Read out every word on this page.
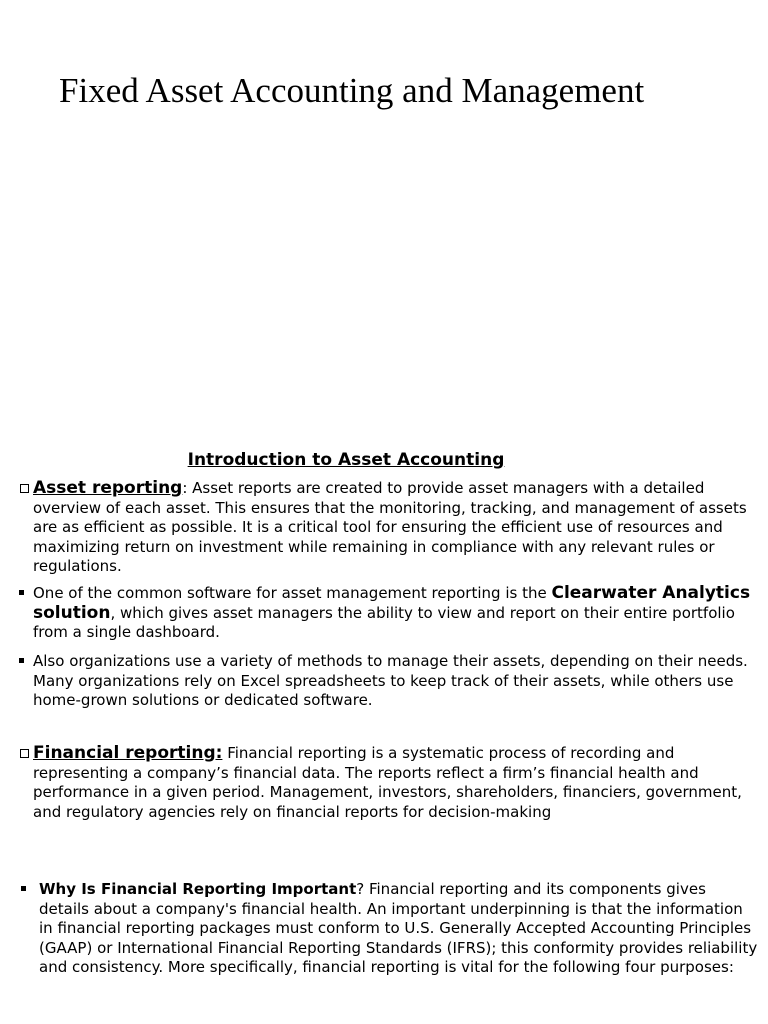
Fixed Asset Accounting and Management
Introduction to Asset Accounting
Asset reporting: Asset reports are created to provide asset managers with a detailed overview of each asset. This ensures that the monitoring, tracking, and management of assets are as efficient as possible. It is a critical tool for ensuring the efficient use of resources and maximizing return on investment while remaining in compliance with any relevant rules or regulations.
One of the common software for asset management reporting is the Clearwater Analytics solution, which gives asset managers the ability to view and report on their entire portfolio from a single dashboard.
Also organizations use a variety of methods to manage their assets, depending on their needs. Many organizations rely on Excel spreadsheets to keep track of their assets, while others use home-grown solutions or dedicated software.
Financial reporting: Financial reporting is a systematic process of recording and representing a company’s financial data. The reports reflect a firm’s financial health and performance in a given period. Management, investors, shareholders, financiers, government, and regulatory agencies rely on financial reports for decision-making
Why Is Financial Reporting Important? Financial reporting and its components gives details about a company's financial health. An important underpinning is that the information in financial reporting packages must conform to U.S. Generally Accepted Accounting Principles (GAAP) or International Financial Reporting Standards (IFRS); this conformity provides reliability and consistency. More specifically, financial reporting is vital for the following four purposes:
